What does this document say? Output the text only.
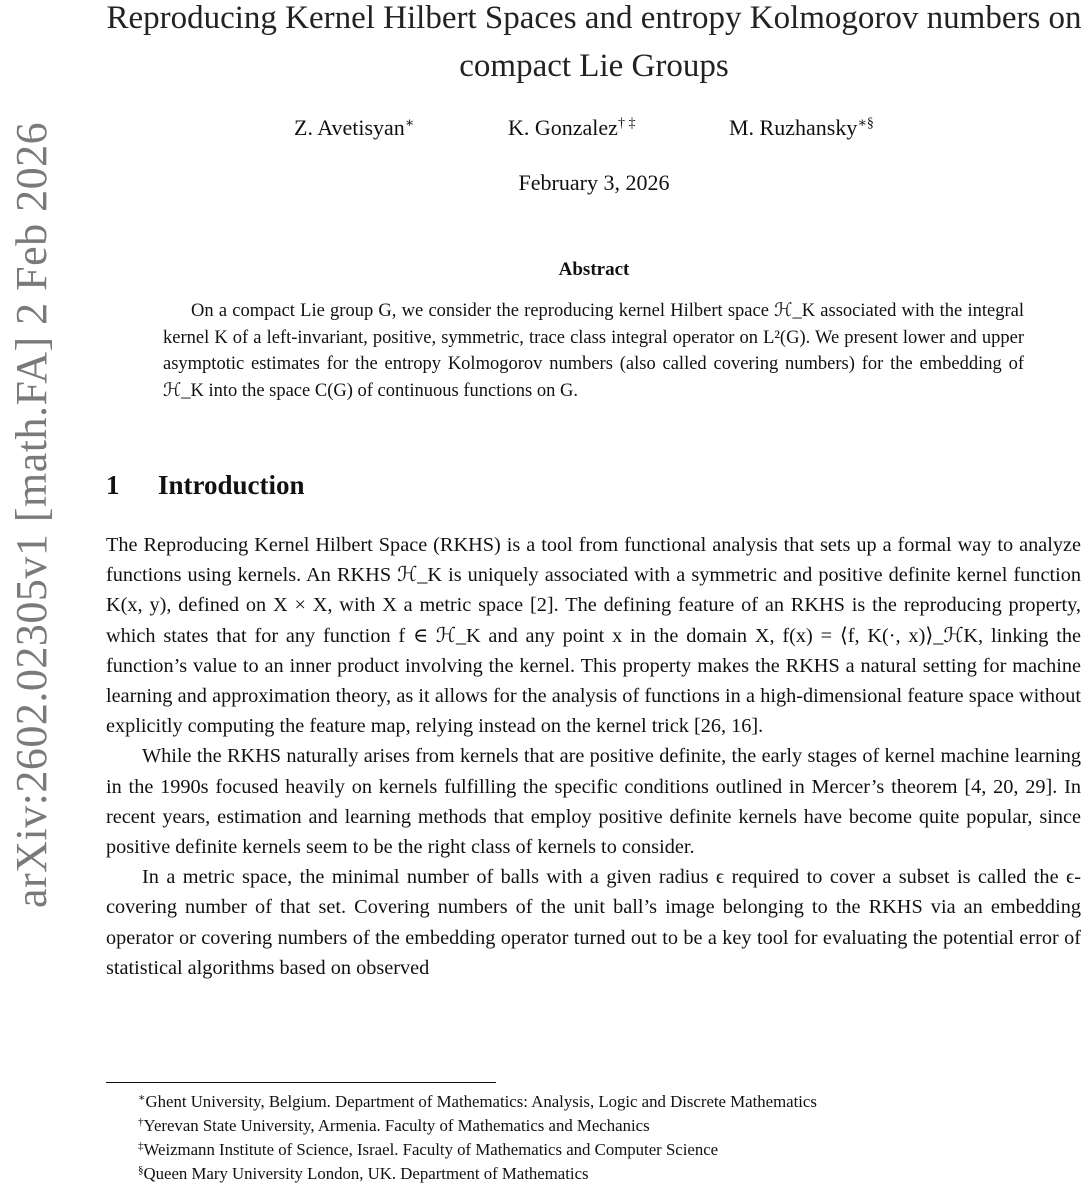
arXiv:2602.02305v1 [math.FA] 2 Feb 2026
Reproducing Kernel Hilbert Spaces and entropy Kolmogorov numbers on compact Lie Groups
Z. Avetisyan∗	K. Gonzalez† ‡	M. Ruzhansky∗§
February 3, 2026
Abstract
On a compact Lie group G, we consider the reproducing kernel Hilbert space ℋ_K associated with the integral kernel K of a left-invariant, positive, symmetric, trace class integral operator on L²(G). We present lower and upper asymptotic estimates for the entropy Kolmogorov numbers (also called covering numbers) for the embedding of ℋ_K into the space C(G) of continuous functions on G.
1 Introduction

The Reproducing Kernel Hilbert Space (RKHS) is a tool from functional analysis that sets up a formal way to analyze functions using kernels. An RKHS ℋ_K is uniquely associated with a symmetric and positive definite kernel function K(x, y), defined on X × X, with X a metric space [2]. The defining feature of an RKHS is the reproducing property, which states that for any function f ∈ ℋ_K and any point x in the domain X, f(x) = ⟨f, K(·, x)⟩_ℋK, linking the function’s value to an inner product involving the kernel. This property makes the RKHS a natural setting for machine learning and approximation theory, as it allows for the analysis of functions in a high-dimensional feature space without explicitly computing the feature map, relying instead on the kernel trick [26, 16].

While the RKHS naturally arises from kernels that are positive definite, the early stages of kernel machine learning in the 1990s focused heavily on kernels fulfilling the specific conditions outlined in Mercer’s theorem [4, 20, 29]. In recent years, estimation and learning methods that employ positive definite kernels have become quite popular, since positive definite kernels seem to be the right class of kernels to consider.

In a metric space, the minimal number of balls with a given radius ϵ required to cover a subset is called the ϵ-covering number of that set. Covering numbers of the unit ball’s image belonging to the RKHS via an embedding operator or covering numbers of the embedding operator turned out to be a key tool for evaluating the potential error of statistical algorithms based on observed

∗Ghent University, Belgium. Department of Mathematics: Analysis, Logic and Discrete Mathematics
†Yerevan State University, Armenia. Faculty of Mathematics and Mechanics
‡Weizmann Institute of Science, Israel. Faculty of Mathematics and Computer Science
§Queen Mary University London, UK. Department of Mathematics
